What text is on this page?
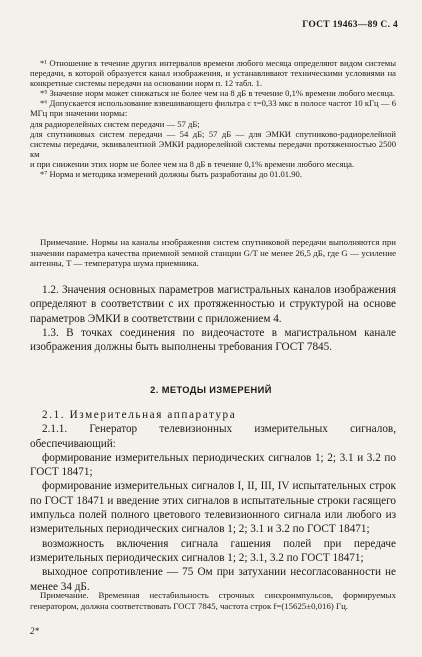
ГОСТ 19463—89 С. 4

*¹ Отношение в течение других интервалов времени любого месяца определяют видом системы передачи, в которой образуется канал изображения, и устанавливают техническими условиями на конкретные системы передачи на основании норм п. 12 табл. 1.

*⁵ Значение норм может снижаться не более чем на 8 дБ в течение 0,1% времени любого месяца.

*⁶ Допускается использование взвешивающего фильтра с τ=0,33 мкс в полосе частот 10 кГц — 6 МГц при значении нормы:

для радиорелейных систем передачи — 57 дБ;

для спутниковых систем передачи — 54 дБ; 57 дБ — для ЭМКИ спутниково-радиорелейной системы передачи, эквивалентной ЭМКИ радиорелейной системы передачи протяженностью 2500 км

и при снижении этих норм не более чем на 8 дБ в течение 0,1% времени любого месяца.

*⁷ Норма и методика измерений должны быть разработаны до 01.01.90.

Примечание. Нормы на каналы изображения систем спутниковой передачи выполняются при значении параметра качества приемной земной станции G/T не менее 26,5 дБ, где G — усиление антенны, T — температура шума приемника.

1.2. Значения основных параметров магистральных каналов изображения определяют в соответствии с их протяженностью и структурой на основе параметров ЭМКИ в соответствии с приложением 4.

1.3. В точках соединения по видеочастоте в магистральном канале изображения должны быть выполнены требования ГОСТ 7845.

2. МЕТОДЫ ИЗМЕРЕНИЙ

2.1. Измерительная аппаратура

2.1.1. Генератор телевизионных измерительных сигналов, обеспечивающий:

формирование измерительных периодических сигналов 1; 2; 3.1 и 3.2 по ГОСТ 18471;

формирование измерительных сигналов I, II, III, IV испытательных строк по ГОСТ 18471 и введение этих сигналов в испытательные строки гасящего импульса полей полного цветового телевизионного сигнала или любого из измерительных периодических сигналов 1; 2; 3.1 и 3.2 по ГОСТ 18471;

возможность включения сигнала гашения полей при передаче измерительных периодических сигналов 1; 2; 3.1, 3.2 по ГОСТ 18471;

выходное сопротивление — 75 Ом при затухании несогласованности не менее 34 дБ.

Примечание. Временная нестабильность строчных синхроимпульсов, формируемых генератором, должна соответствовать ГОСТ 7845, частота строк f=(15625±0,016) Гц.

2*
